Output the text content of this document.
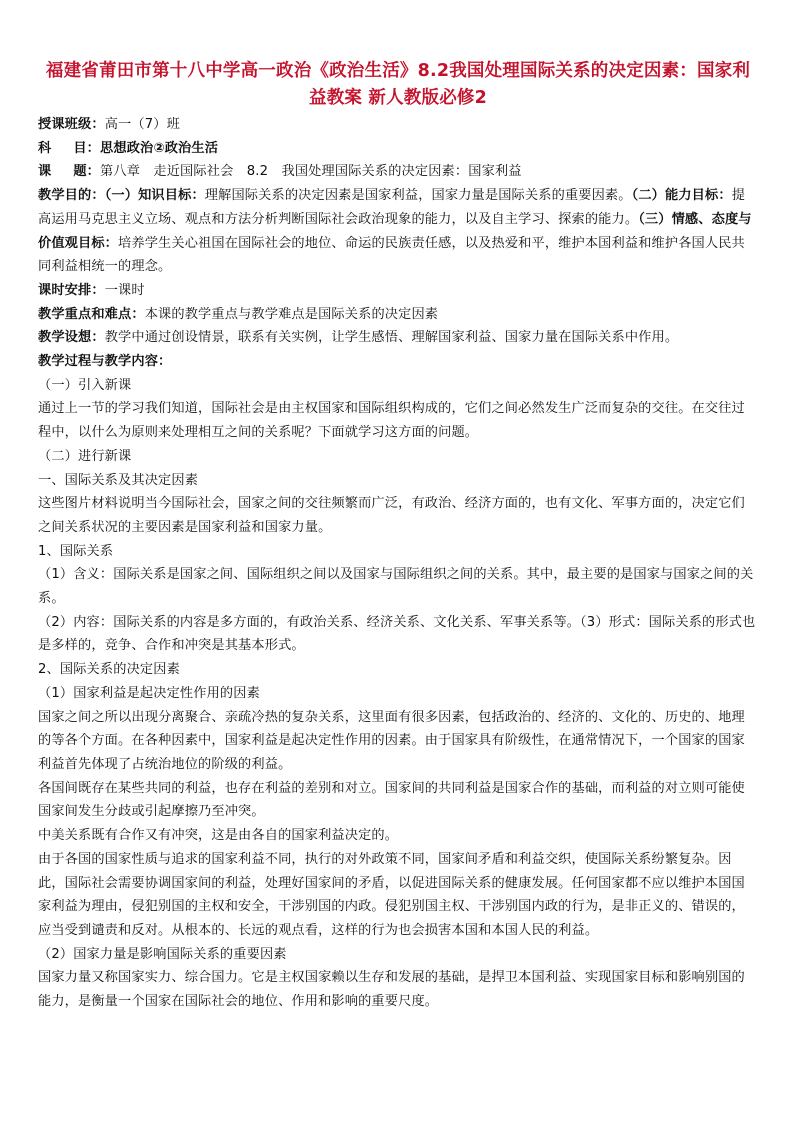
福建省莆田市第十八中学高一政治《政治生活》8.2我国处理国际关系的决定因素：国家利益教案 新人教版必修2

授课班级：高一（7）班

科 目：思想政治②政治生活

课 题：第八章　走近国际社会　8.2　我国处理国际关系的决定因素：国家利益

教学目的：（一）知识目标：理解国际关系的决定因素是国家利益，国家力量是国际关系的重要因素。（二）能力目标：提高运用马克思主义立场、观点和方法分析判断国际社会政治现象的能力，以及自主学习、探索的能力。（三）情感、态度与价值观目标：培养学生关心祖国在国际社会的地位、命运的民族责任感，以及热爱和平，维护本国利益和维护各国人民共同利益相统一的理念。

课时安排：一课时

教学重点和难点：本课的教学重点与教学难点是国际关系的决定因素

教学设想：教学中通过创设情景，联系有关实例，让学生感悟、理解国家利益、国家力量在国际关系中作用。

教学过程与教学内容：

（一）引入新课

通过上一节的学习我们知道，国际社会是由主权国家和国际组织构成的，它们之间必然发生广泛而复杂的交往。在交往过程中，以什么为原则来处理相互之间的关系呢？下面就学习这方面的问题。

（二）进行新课

一、国际关系及其决定因素

这些图片材料说明当今国际社会，国家之间的交往频繁而广泛，有政治、经济方面的，也有文化、军事方面的，决定它们之间关系状况的主要因素是国家利益和国家力量。

1、国际关系

（1）含义：国际关系是国家之间、国际组织之间以及国家与国际组织之间的关系。其中，最主要的是国家与国家之间的关系。

（2）内容：国际关系的内容是多方面的，有政治关系、经济关系、文化关系、军事关系等。（3）形式：国际关系的形式也是多样的，竞争、合作和冲突是其基本形式。

2、国际关系的决定因素

（1）国家利益是起决定性作用的因素

国家之间之所以出现分离聚合、亲疏冷热的复杂关系，这里面有很多因素，包括政治的、经济的、文化的、历史的、地理的等各个方面。在各种因素中，国家利益是起决定性作用的因素。由于国家具有阶级性，在通常情况下，一个国家的国家利益首先体现了占统治地位的阶级的利益。

各国间既存在某些共同的利益，也存在利益的差别和对立。国家间的共同利益是国家合作的基础，而利益的对立则可能使国家间发生分歧或引起摩擦乃至冲突。

中美关系既有合作又有冲突，这是由各自的国家利益决定的。

由于各国的国家性质与追求的国家利益不同，执行的对外政策不同，国家间矛盾和利益交织，使国际关系纷繁复杂。因此，国际社会需要协调国家间的利益，处理好国家间的矛盾，以促进国际关系的健康发展。任何国家都不应以维护本国国家利益为理由，侵犯别国的主权和安全，干涉别国的内政。侵犯别国主权、干涉别国内政的行为，是非正义的、错误的，应当受到谴责和反对。从根本的、长远的观点看，这样的行为也会损害本国和本国人民的利益。

（2）国家力量是影响国际关系的重要因素

国家力量又称国家实力、综合国力。它是主权国家赖以生存和发展的基础，是捍卫本国利益、实现国家目标和影响别国的能力，是衡量一个国家在国际社会的地位、作用和影响的重要尺度。
